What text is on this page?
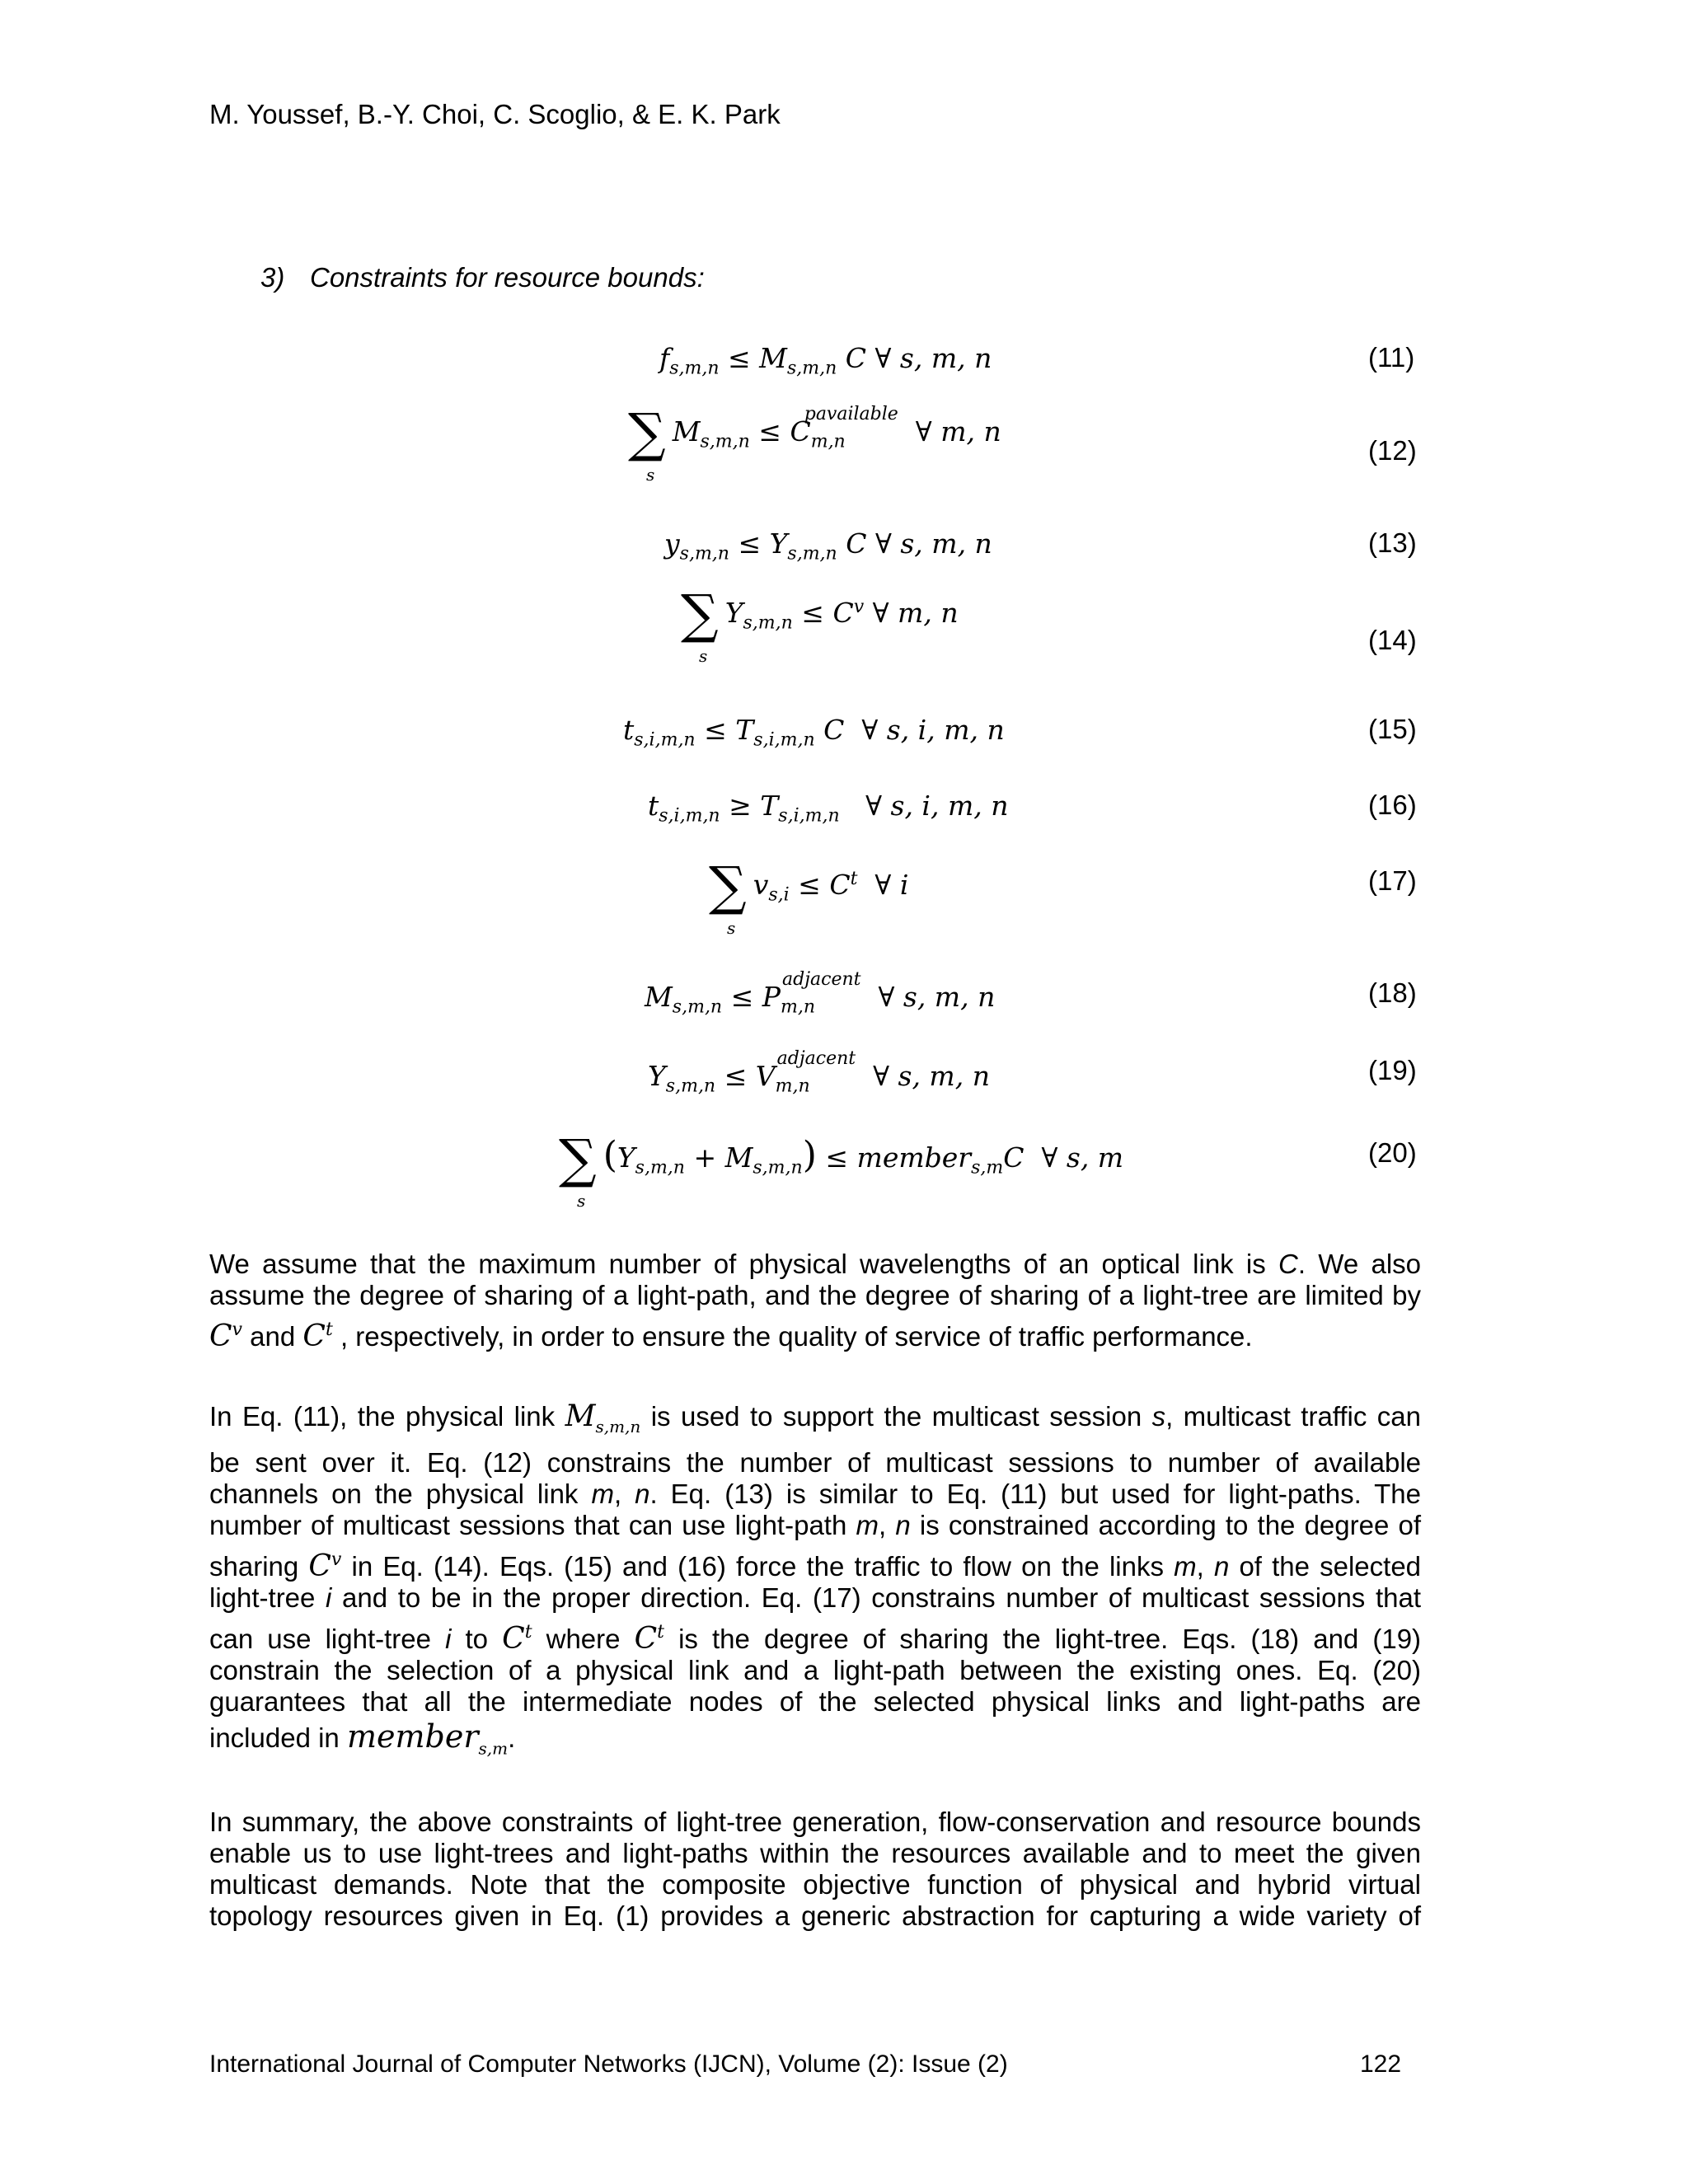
M. Youssef, B.-Y. Choi, C. Scoglio, & E. K. Park
3) Constraints for resource bounds:
$f_{s,m,n} \le M_{s,m,n}$ C ∀ s, m, n	(11)
∑
s
$M_{s,m,n} \le C_{m,n}^{pavailable}$  ∀ m, n
(12)
$y_{s,m,n} \le Y_{s,m,n}$ C ∀ s, m, n	(13)
∑
s
$Y_{s,m,n} \le C^v$ ∀ m, n
(14)
$t_{s,i,m,n} \le T_{s,i,m,n}$ C  ∀ s, i, m, n	(15)
$t_{s,i,m,n} \ge T_{s,i,m,n}$ ∀ s, i, m, n	(16)
∑
s
$v_{s,i} \le C^t$ ∀ i	(17)
$M_{s,m,n} \le P_{m,n}^{adjacent}$  ∀ s, m, n	(18)
$Y_{s,m,n} \le V_{m,n}^{adjacent}$  ∀ s, m, n	(19)
∑
s
$(Y_{s,m,n} + M_{s,m,n})$ ≤ member$_{s,m}$C  ∀ s, m	(20)
We assume that the maximum number of physical wavelengths of an optical link is C. We also
assume the degree of sharing of a light-path, and the degree of sharing of a light-tree are limited by
$C^v$ and $C^t$ , respectively, in order to ensure the quality of service of traffic performance.
In Eq. (11), the physical link $M_{s,m,n}$ is used to support the multicast session s, multicast traffic can
be sent over it. Eq. (12) constrains the number of multicast sessions to number of available
channels on the physical link m, n. Eq. (13) is similar to Eq. (11) but used for light-paths. The
number of multicast sessions that can use light-path m, n is constrained according to the degree of
sharing $C^v$ in Eq. (14). Eqs. (15) and (16) force the traffic to flow on the links m, n of the selected
light-tree i and to be in the proper direction. Eq. (17) constrains number of multicast sessions that
can use light-tree i to $C^t$ where $C^t$ is the degree of sharing the light-tree. Eqs. (18) and (19)
constrain the selection of a physical link and a light-path between the existing ones. Eq. (20)
guarantees that all the intermediate nodes of the selected physical links and light-paths are
included in member$_{s,m}$.
In summary, the above constraints of light-tree generation, flow-conservation and resource bounds
enable us to use light-trees and light-paths within the resources available and to meet the given
multicast demands. Note that the composite objective function of physical and hybrid virtual
topology resources given in Eq. (1) provides a generic abstraction for capturing a wide variety of
International Journal of Computer Networks (IJCN), Volume (2): Issue (2)	122
